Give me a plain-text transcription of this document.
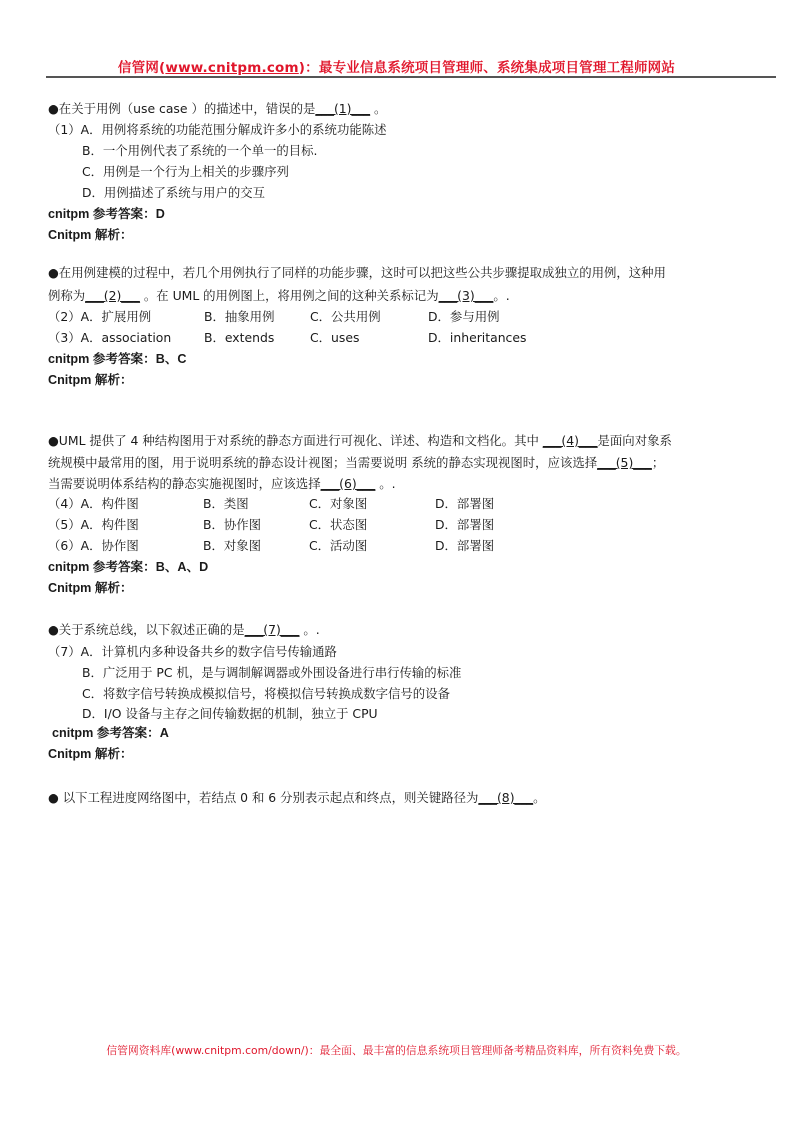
信管网(www.cnitpm.com)：最专业信息系统项目管理师、系统集成项目管理工程师网站
●在关于用例（use case ）的描述中，错误的是___(1)___ 。
（1）A．用例将系统的功能范围分解成许多小的系统功能陈述
B．一个用例代表了系统的一个单一的目标.
C．用例是一个行为上相关的步骤序列
D．用例描述了系统与用户的交互
cnitpm 参考答案：D
Cnitpm 解析：
●在用例建模的过程中，若几个用例执行了同样的功能步骤，这时可以把这些公共步骤提取成独立的用例，这种用
例称为___(2)___ 。在 UML 的用例图上，将用例之间的这种关系标记为___(3)___。.
（2）A．扩展用例	B．抽象用例	C．公共用例	D．参与用例
（3）A．association	B．extends	C．uses	D．inheritances
cnitpm 参考答案：B、C
Cnitpm 解析：
●UML 提供了 4 种结构图用于对系统的静态方面进行可视化、详述、构造和文档化。其中 ___(4)___是面向对象系
统规模中最常用的图，用于说明系统的静态设计视图；当需要说明 系统的静态实现视图时，应该选择___(5)___；
当需要说明体系结构的静态实施视图时，应该选择___(6)___ 。.
（4）A．构件图	B．类图	C．对象图	D．部署图
（5）A．构件图	B．协作图	C．状态图	D．部署图
（6）A．协作图	B．对象图	C．活动图	D．部署图
cnitpm 参考答案：B、A、D
Cnitpm 解析：
●关于系统总线，以下叙述正确的是___(7)___ 。.
（7）A．计算机内多种设备共乡的数字信号传输通路
B．广泛用于 PC 机，是与调制解调器或外围设备进行串行传输的标准
C．将数字信号转换成模拟信号，将模拟信号转换成数字信号的设备
D．I/O 设备与主存之间传输数据的机制，独立于 CPU
cnitpm 参考答案：A
Cnitpm 解析：
● 以下工程进度网络图中，若结点 0 和 6 分别表示起点和终点，则关键路径为___(8)___。
信管网资料库(www.cnitpm.com/down/)：最全面、最丰富的信息系统项目管理师备考精品资料库，所有资料免费下载。
